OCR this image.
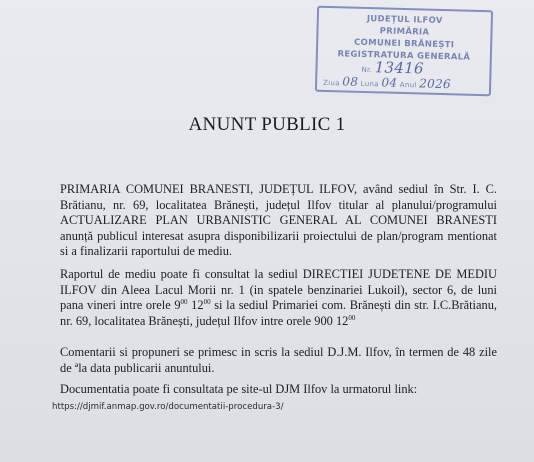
JUDEȚUL ILFOV
PRIMĂRIA
COMUNEI BRĂNEȘTI
REGISTRATURA GENERALĂ
Nr. 13416
Ziua 08 Luna 04 Anul 2026
ANUNT PUBLIC 1
PRIMARIA COMUNEI BRANESTI, JUDEȚUL ILFOV, având sediul în Str. I. C. Brătianu, nr. 69, localitatea Brănești, județul Ilfov titular al planului/programului ACTUALIZARE PLAN URBANISTIC GENERAL AL COMUNEI BRANESTI anunță publicul interesat asupra disponibilizarii proiectului de plan/program mentionat si a finalizarii raportului de mediu.
Raportul de mediu poate fi consultat la sediul DIRECTIEI JUDETENE DE MEDIU ILFOV din Aleea Lacul Morii nr. 1 (in spatele benzinariei Lukoil), sector 6, de luni pana vineri intre orele $9^{00}$ $12^{00}$ si la sediul Primariei com. Brănești din str. I.C.Brătianu, nr. 69, localitatea Brănești, județul Ilfov intre orele 900 $12^{00}$
Comentarii si propuneri se primesc in scris la sediul D.J.M. Ilfov, în termen de 48 zile de ªla data publicarii anuntului.
Documentatia poate fi consultata pe site-ul DJM Ilfov la urmatorul link:
https://djmif.anmap.gov.ro/documentatii-procedura-3/
